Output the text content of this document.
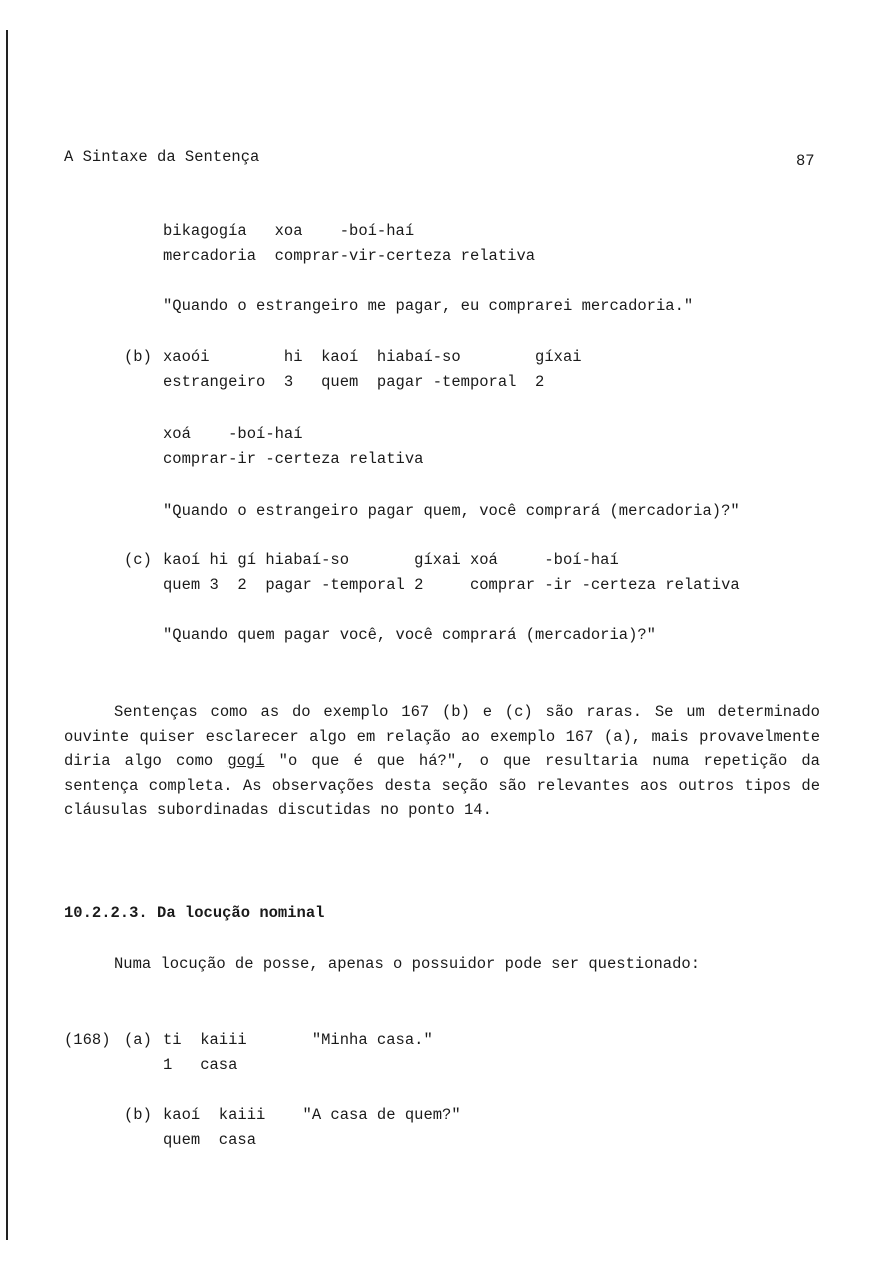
A Sintaxe da Sentença	87
bikagogía   xoa    -boí-haí
mercadoria  comprar-vir-certeza relativa
"Quando o estrangeiro me pagar, eu comprarei mercadoria."
(b) xaoói        hi  kaoí  hiabaí-so        gíxai
estrangeiro  3   quem  pagar -temporal  2
xoá    -boí-haí
comprar-ir -certeza relativa
"Quando o estrangeiro pagar quem, você comprará (mercadoria)?"
(c) kaoí hi gí hiabaí-so       gíxai xoá     -boí-haí
quem 3  2  pagar -temporal 2     comprar -ir -certeza relativa
"Quando quem pagar você, você comprará (mercadoria)?"
Sentenças como as do exemplo 167 (b) e (c) são raras. Se um determinado ouvinte quiser esclarecer algo em relação ao exemplo 167 (a), mais provavelmente diria algo como gogí "o que é que há?", o que resultaria numa repetição da sentença completa. As observações desta seção são relevantes aos outros tipos de cláusulas subordinadas discutidas no ponto 14.
10.2.2.3. Da locução nominal
Numa locução de posse, apenas o possuidor pode ser questionado:
(168) (a) ti  kaiii       "Minha casa."
1   casa
(b) kaoí  kaiii    "A casa de quem?"
quem  casa
